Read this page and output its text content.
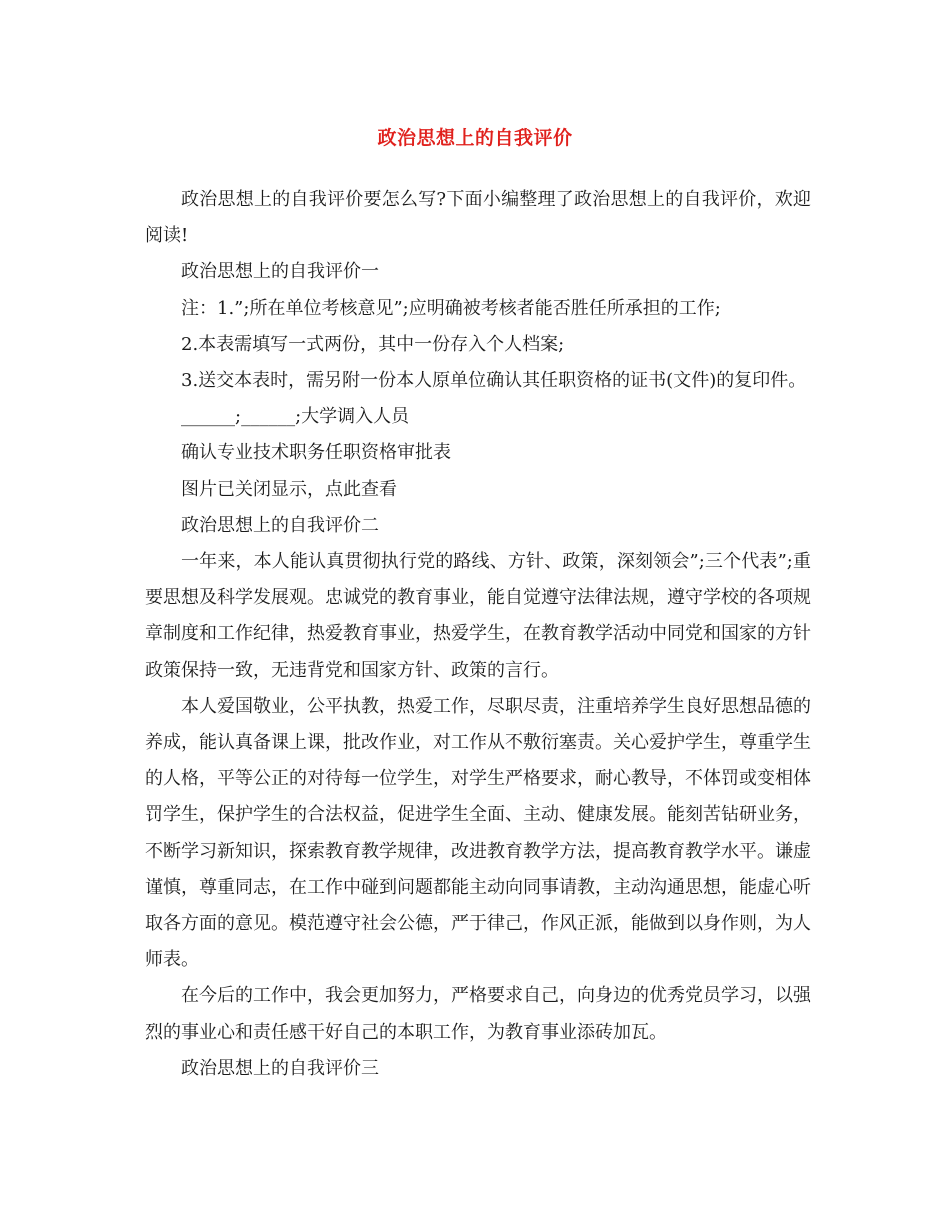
政治思想上的自我评价

政治思想上的自我评价要怎么写?下面小编整理了政治思想上的自我评价，欢迎阅读!

政治思想上的自我评价一

注：1.”;所在单位考核意见”;应明确被考核者能否胜任所承担的工作;

2.本表需填写一式两份，其中一份存入个人档案;

3.送交本表时，需另附一份本人原单位确认其任职资格的证书(文件)的复印件。

______;______;大学调入人员

确认专业技术职务任职资格审批表

图片已关闭显示，点此查看

政治思想上的自我评价二

一年来，本人能认真贯彻执行党的路线、方针、政策，深刻领会”;三个代表”;重要思想及科学发展观。忠诚党的教育事业，能自觉遵守法律法规，遵守学校的各项规章制度和工作纪律，热爱教育事业，热爱学生，在教育教学活动中同党和国家的方针政策保持一致，无违背党和国家方针、政策的言行。

本人爱国敬业，公平执教，热爱工作，尽职尽责，注重培养学生良好思想品德的养成，能认真备课上课，批改作业，对工作从不敷衍塞责。关心爱护学生，尊重学生的人格，平等公正的对待每一位学生，对学生严格要求，耐心教导，不体罚或变相体罚学生，保护学生的合法权益，促进学生全面、主动、健康发展。能刻苦钻研业务，不断学习新知识，探索教育教学规律，改进教育教学方法，提高教育教学水平。谦虚谨慎，尊重同志，在工作中碰到问题都能主动向同事请教，主动沟通思想，能虚心听取各方面的意见。模范遵守社会公德，严于律己，作风正派，能做到以身作则，为人师表。

在今后的工作中，我会更加努力，严格要求自己，向身边的优秀党员学习，以强烈的事业心和责任感干好自己的本职工作，为教育事业添砖加瓦。

政治思想上的自我评价三
